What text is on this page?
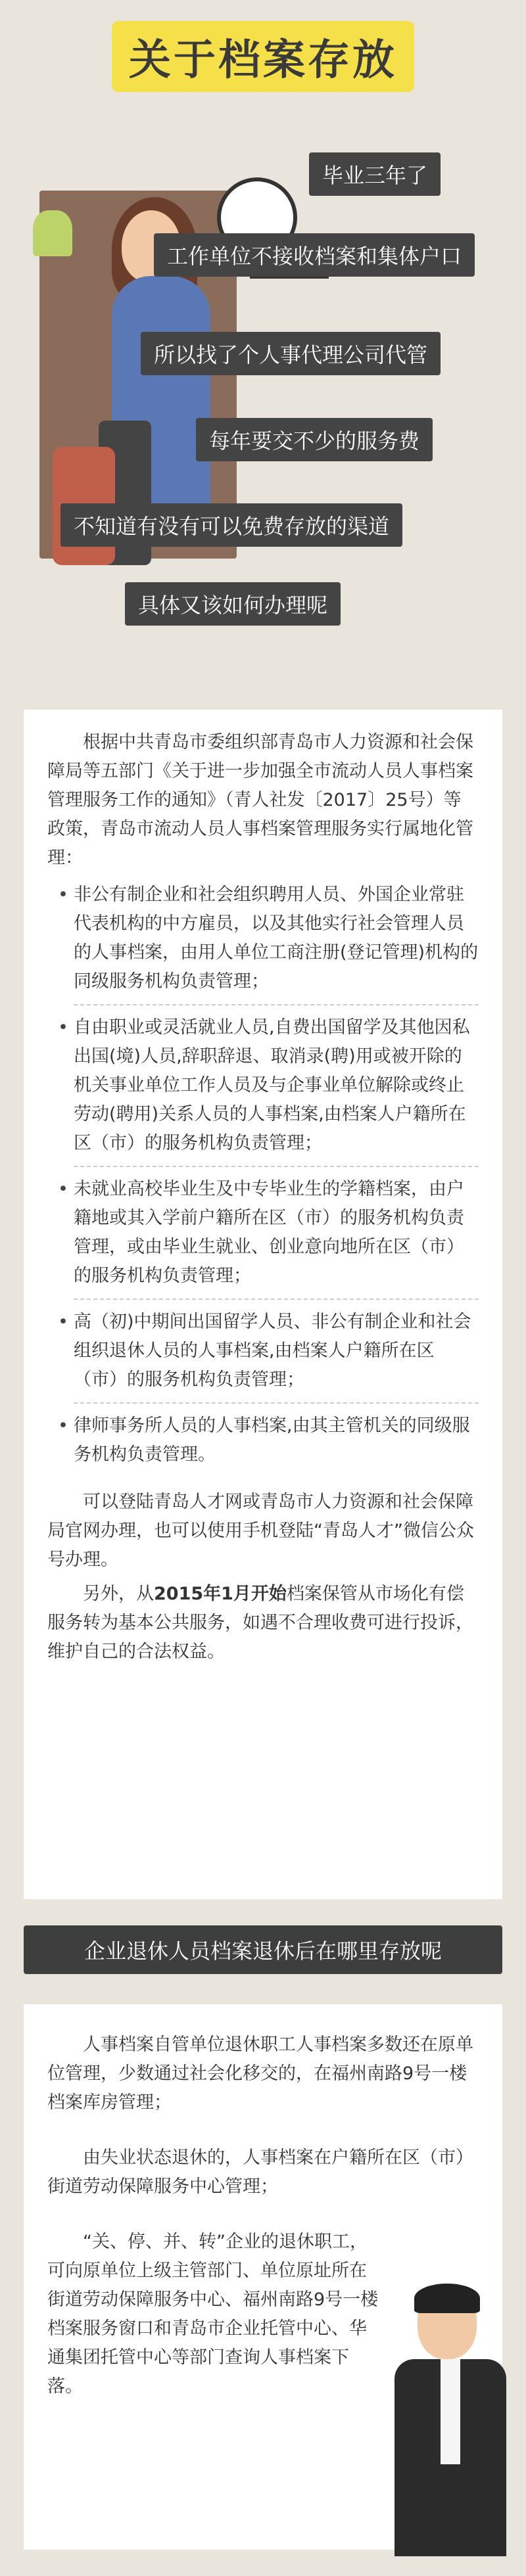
关于档案存放
毕业三年了
工作单位不接收档案和集体户口
所以找了个人事代理公司代管
每年要交不少的服务费
不知道有没有可以免费存放的渠道
具体又该如何办理呢
根据中共青岛市委组织部青岛市人力资源和社会保障局等五部门《关于进一步加强全市流动人员人事档案管理服务工作的通知》（青人社发〔2017〕25号）等政策，青岛市流动人员人事档案管理服务实行属地化管理：
• 非公有制企业和社会组织聘用人员、外国企业常驻代表机构的中方雇员，以及其他实行社会管理人员的人事档案，由用人单位工商注册(登记管理)机构的同级服务机构负责管理；
• 自由职业或灵活就业人员,自费出国留学及其他因私出国(境)人员,辞职辞退、取消录(聘)用或被开除的机关事业单位工作人员及与企事业单位解除或终止劳动(聘用)关系人员的人事档案,由档案人户籍所在区（市）的服务机构负责管理；
• 未就业高校毕业生及中专毕业生的学籍档案，由户籍地或其入学前户籍所在区（市）的服务机构负责管理，或由毕业生就业、创业意向地所在区（市）的服务机构负责管理；
• 高（初)中期间出国留学人员、非公有制企业和社会组织退休人员的人事档案,由档案人户籍所在区（市）的服务机构负责管理；
• 律师事务所人员的人事档案,由其主管机关的同级服务机构负责管理。
可以登陆青岛人才网或青岛市人力资源和社会保障局官网办理，也可以使用手机登陆“青岛人才”微信公众号办理。
另外，从2015年1月开始档案保管从市场化有偿服务转为基本公共服务，如遇不合理收费可进行投诉，维护自己的合法权益。
企业退休人员档案退休后在哪里存放呢
人事档案自管单位退休职工人事档案多数还在原单位管理，少数通过社会化移交的，在福州南路9号一楼档案库房管理；
由失业状态退休的，人事档案在户籍所在区（市）街道劳动保障服务中心管理；
“关、停、并、转”企业的退休职工，可向原单位上级主管部门、单位原址所在街道劳动保障服务中心、福州南路9号一楼档案服务窗口和青岛市企业托管中心、华通集团托管中心等部门查询人事档案下落。
